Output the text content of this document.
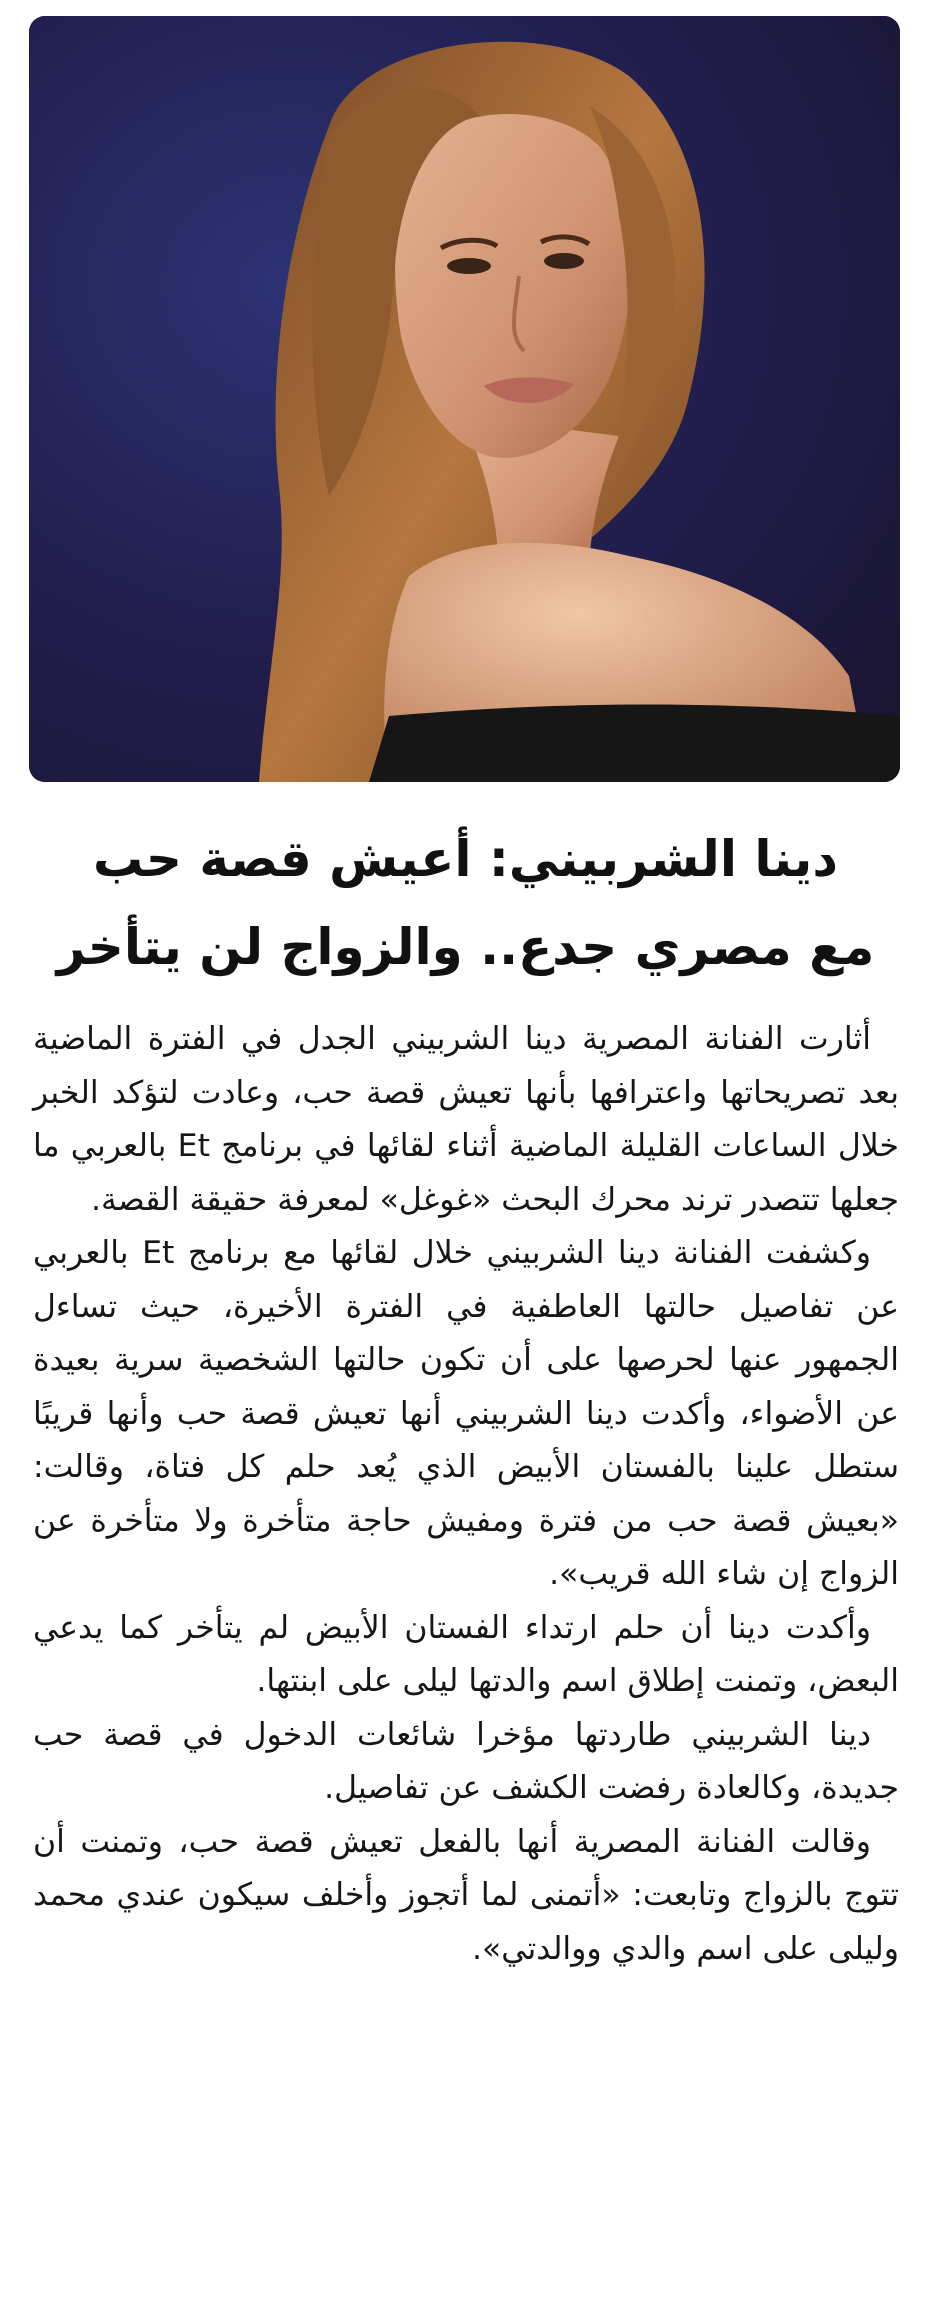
دينا الشربيني: أعيش قصة حب
مع مصري جدع.. والزواج لن يتأخر

أثارت الفنانة المصرية دينا الشربيني الجدل في الفترة الماضية بعد تصريحاتها واعترافها بأنها تعيش قصة حب، وعادت لتؤكد الخبر خلال الساعات القليلة الماضية أثناء لقائها في برنامج Et بالعربي ما جعلها تتصدر ترند محرك البحث «غوغل» لمعرفة حقيقة القصة.

وكشفت الفنانة دينا الشربيني خلال لقائها مع برنامج Et بالعربي عن تفاصيل حالتها العاطفية في الفترة الأخيرة، حيث تساءل الجمهور عنها لحرصها على أن تكون حالتها الشخصية سرية بعيدة عن الأضواء، وأكدت دينا الشربيني أنها تعيش قصة حب وأنها قريبًا ستطل علينا بالفستان الأبيض الذي يُعد حلم كل فتاة، وقالت: «بعيش قصة حب من فترة ومفيش حاجة متأخرة ولا متأخرة عن الزواج إن شاء الله قريب».

وأكدت دينا أن حلم ارتداء الفستان الأبيض لم يتأخر كما يدعي البعض، وتمنت إطلاق اسم والدتها ليلى على ابنتها.

دينا الشربيني طاردتها مؤخرا شائعات الدخول في قصة حب جديدة، وكالعادة رفضت الكشف عن تفاصيل.

وقالت الفنانة المصرية أنها بالفعل تعيش قصة حب، وتمنت أن تتوج بالزواج وتابعت: «أتمنى لما أتجوز وأخلف سيكون عندي محمد وليلى على اسم والدي ووالدتي».
